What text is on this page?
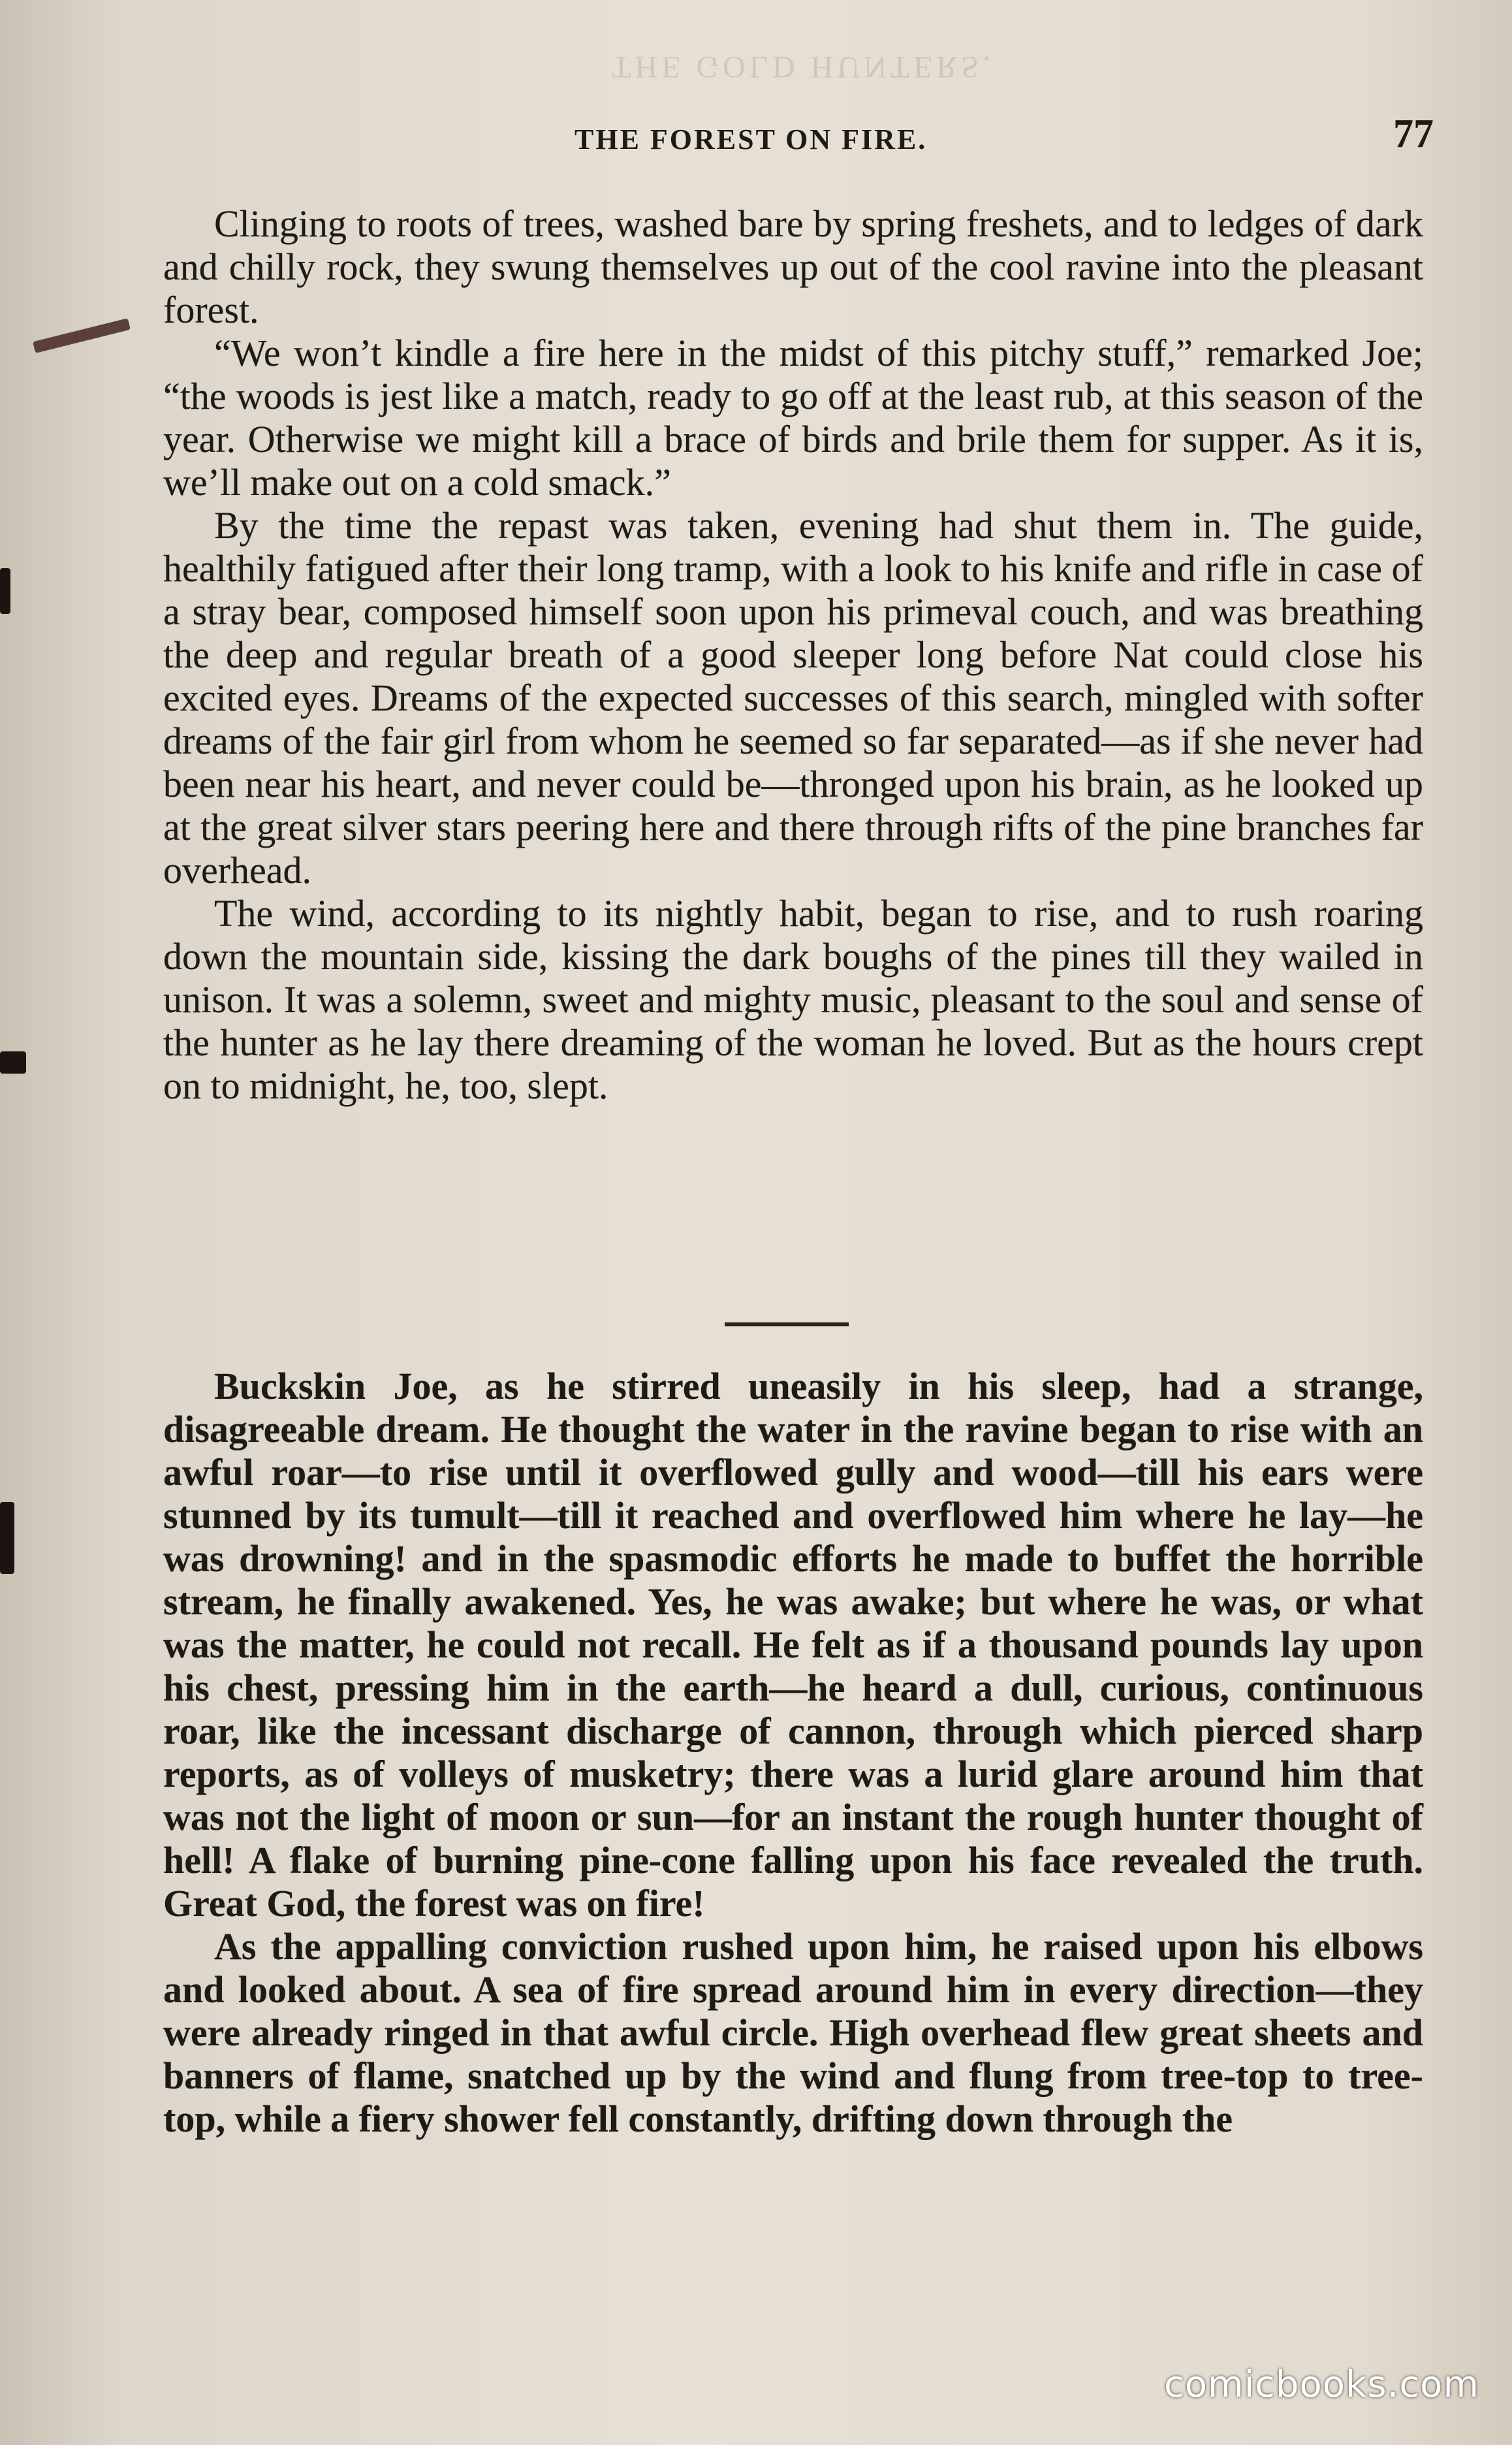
THE GOLD HUNTERS.
THE FOREST ON FIRE.	77

Clinging to roots of trees, washed bare by spring freshets, and to ledges of dark and chilly rock, they swung themselves up out of the cool ravine into the pleasant forest.

“We won’t kindle a fire here in the midst of this pitchy stuff,” remarked Joe; “the woods is jest like a match, ready to go off at the least rub, at this season of the year. Otherwise we might kill a brace of birds and brile them for supper. As it is, we’ll make out on a cold smack.”

By the time the repast was taken, evening had shut them in. The guide, healthily fatigued after their long tramp, with a look to his knife and rifle in case of a stray bear, composed himself soon upon his primeval couch, and was breathing the deep and regular breath of a good sleeper long before Nat could close his excited eyes. Dreams of the expected successes of this search, mingled with softer dreams of the fair girl from whom he seemed so far separated—as if she never had been near his heart, and never could be—thronged upon his brain, as he looked up at the great silver stars peering here and there through rifts of the pine branches far overhead.

The wind, according to its nightly habit, began to rise, and to rush roaring down the mountain side, kissing the dark boughs of the pines till they wailed in unison. It was a solemn, sweet and mighty music, pleasant to the soul and sense of the hunter as he lay there dreaming of the woman he loved. But as the hours crept on to midnight, he, too, slept.

Buckskin Joe, as he stirred uneasily in his sleep, had a strange, disagreeable dream. He thought the water in the ravine began to rise with an awful roar—to rise until it overflowed gully and wood—till his ears were stunned by its tumult—till it reached and overflowed him where he lay—he was drowning! and in the spasmodic efforts he made to buffet the horrible stream, he finally awakened. Yes, he was awake; but where he was, or what was the matter, he could not recall. He felt as if a thousand pounds lay upon his chest, pressing him in the earth—he heard a dull, curious, continuous roar, like the incessant discharge of cannon, through which pierced sharp reports, as of volleys of musketry; there was a lurid glare around him that was not the light of moon or sun—for an instant the rough hunter thought of hell! A flake of burning pine-cone falling upon his face revealed the truth. Great God, the forest was on fire!

As the appalling conviction rushed upon him, he raised upon his elbows and looked about. A sea of fire spread around him in every direction—they were already ringed in that awful circle. High overhead flew great sheets and banners of flame, snatched up by the wind and flung from tree-top to tree-top, while a fiery shower fell constantly, drifting down through the

comicbooks.com
